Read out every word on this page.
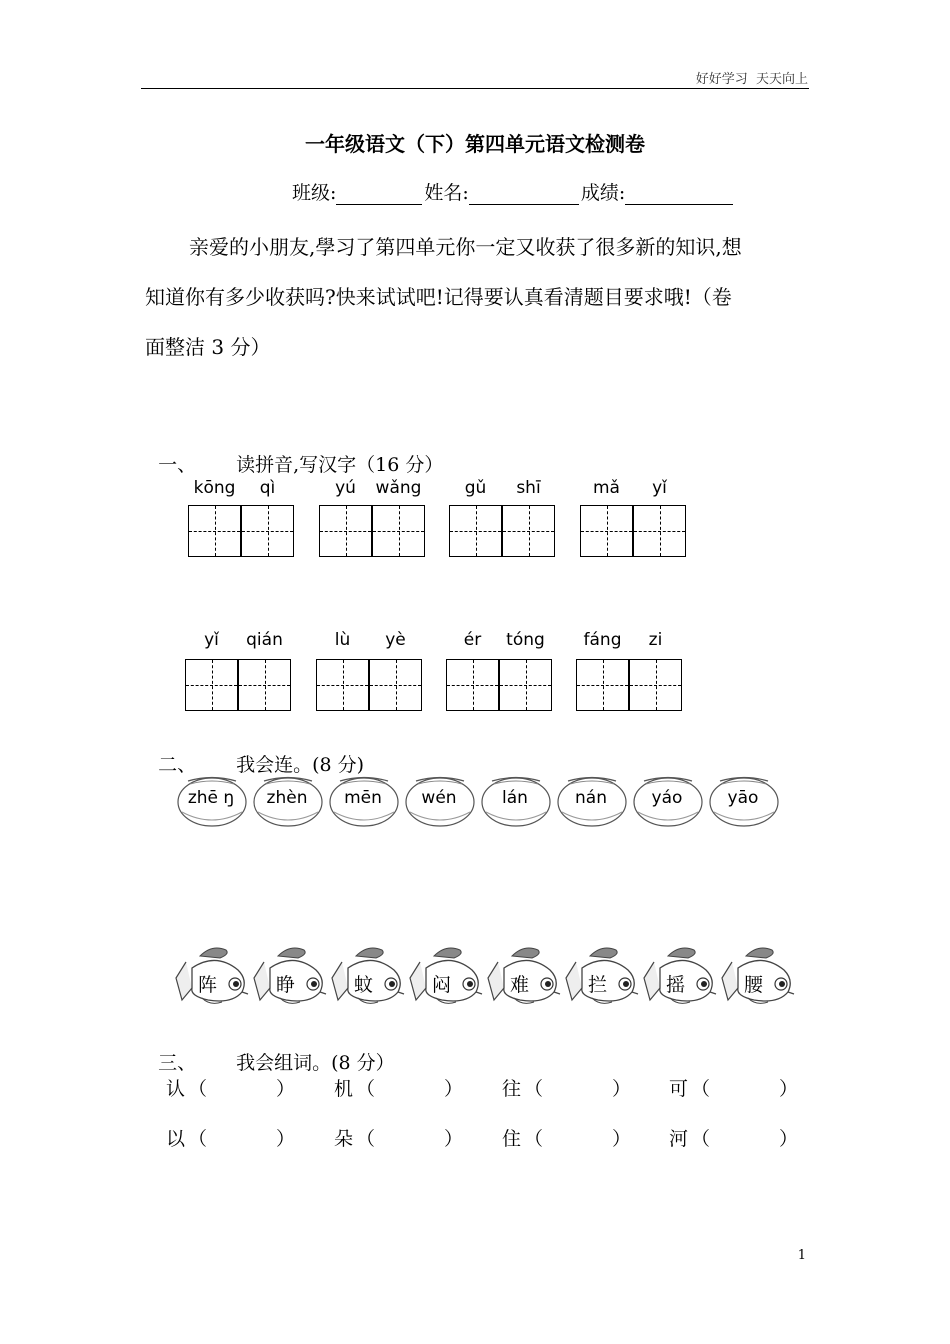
好好学习  天天向上
一年级语文（下）第四单元语文检测卷
班级:	姓名:	成绩:
亲爱的小朋友,學习了第四单元你一定又收获了很多新的知识,想
知道你有多少收获吗?快来试试吧!记得要认真看清题目要求哦!（卷
面整洁 3 分）

一、 读拼音,写汉字（16 分）

kōng	qì	yú	wǎng	gǔ	shī	mǎ	yǐ
yǐ	qián	lù	yè	ér	tóng	fáng	zi

二、 我会连。(8 分)

zhē ŋ	zhèn	mēn	wén	lán	nán	yáo	yāo
阵	睁	蚊	闷	难	拦	摇	腰

三、 我会组词。(8 分）

认 （	） 机 （	） 往 （	） 可 （	）
以 （	） 朵 （	） 住 （	） 河 （	）
1
